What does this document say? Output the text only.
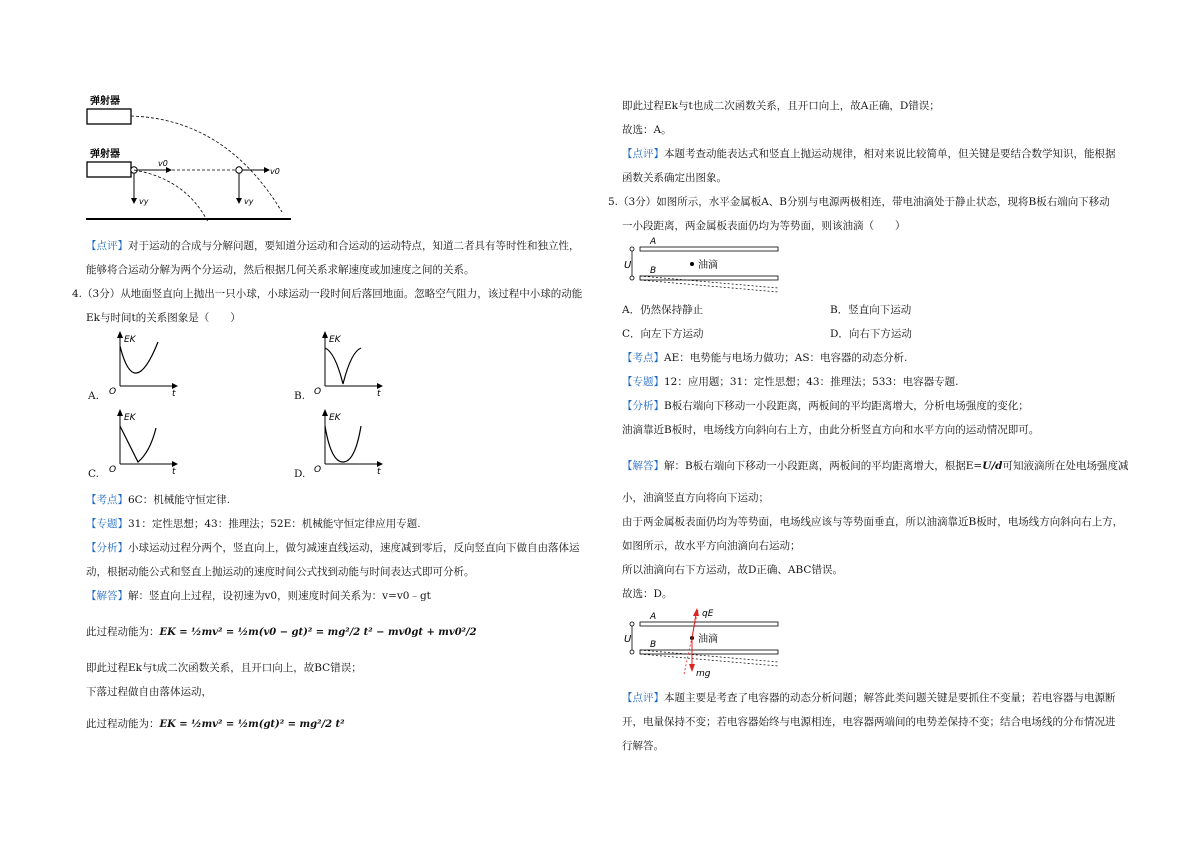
弹射器
弹射器
v0
vy
v0
vy
【 点评 】 对于运动的合成与分解问题，要知道分运动和合运动的运动特点，知道二者具有等时性和独立性，
能够将合运动分解为两个分运动，然后根据几何关系求解速度或加速度之间的关系。
4.（3分）从地面竖直向上抛出一只小球，小球运动一段时间后落回地面。忽略空气阻力，该过程中小球的动能
Ek与时间t的关系图象是（　　）
EK
O	t
A.
EK
O	t
B.
EK
O	t
C.
EK
O	t
D.
【 考点 】 6C：机械能守恒定律.
【 专题 】 31：定性思想；43：推理法；52E：机械能守恒定律应用专题.
【 分析 】 小球运动过程分两个，竖直向上，做匀减速直线运动，速度减到零后，反向竖直向下做自由落体运
动，根据动能公式和竖直上抛运动的速度时间公式找到动能与时间表达式即可分析。
【 解答 】 解：竖直向上过程，设初速为v0，则速度时间关系为：v=v0﹣gt
此过程动能为：EK = ½mv² = ½m(v0 − gt)² = mg²/2 t² − mv0gt + mv0²/2
即此过程Ek与t成二次函数关系，且开口向上，故BC错误；
下落过程做自由落体运动，
此过程动能为：EK = ½mv² = ½m(gt)² = mg²/2 t²
即此过程Ek与t也成二次函数关系，且开口向上，故A正确，D错误；
故选：A。
【 点评 】 本题考查动能表达式和竖直上抛运动规律，相对来说比较简单，但关键是要结合数学知识，能根据
函数关系确定出图象。
5.（3分）如图所示，水平金属板A、B分别与电源两极相连，带电油滴处于静止状态，现将B板右端向下移动
一小段距离，两金属板表面仍均为等势面，则该油滴（　　）
U
A
B	油滴
A．仍然保持静止	B．竖直向下运动
C．向左下方运动	D．向右下方运动
【 考点 】 AE：电势能与电场力做功；AS：电容器的动态分析.
【 专题 】 12：应用题；31：定性思想；43：推理法；533：电容器专题.
【 分析 】 B板右端向下移动一小段距离，两板间的平均距离增大，分析电场强度的变化；
油滴靠近B板时，电场线方向斜向右上方，由此分析竖直方向和水平方向的运动情况即可。
【 解答 】 解：B板右端向下移动一小段距离，两板间的平均距离增大，根据E=U/d可知液滴所在处电场强度减
小，油滴竖直方向将向下运动；
由于两金属板表面仍均为等势面，电场线应该与等势面垂直，所以油滴靠近B板时，电场线方向斜向右上方，
如图所示，故水平方向油滴向右运动；
所以油滴向右下方运动，故D正确、ABC错误。
故选：D。
U
A
B	油滴
qE
mg
【 点评 】 本题主要是考查了电容器的动态分析问题；解答此类问题关键是要抓住不变量；若电容器与电源断
开，电量保持不变；若电容器始终与电源相连，电容器两端间的电势差保持不变；结合电场线的分布情况进
行解答。
